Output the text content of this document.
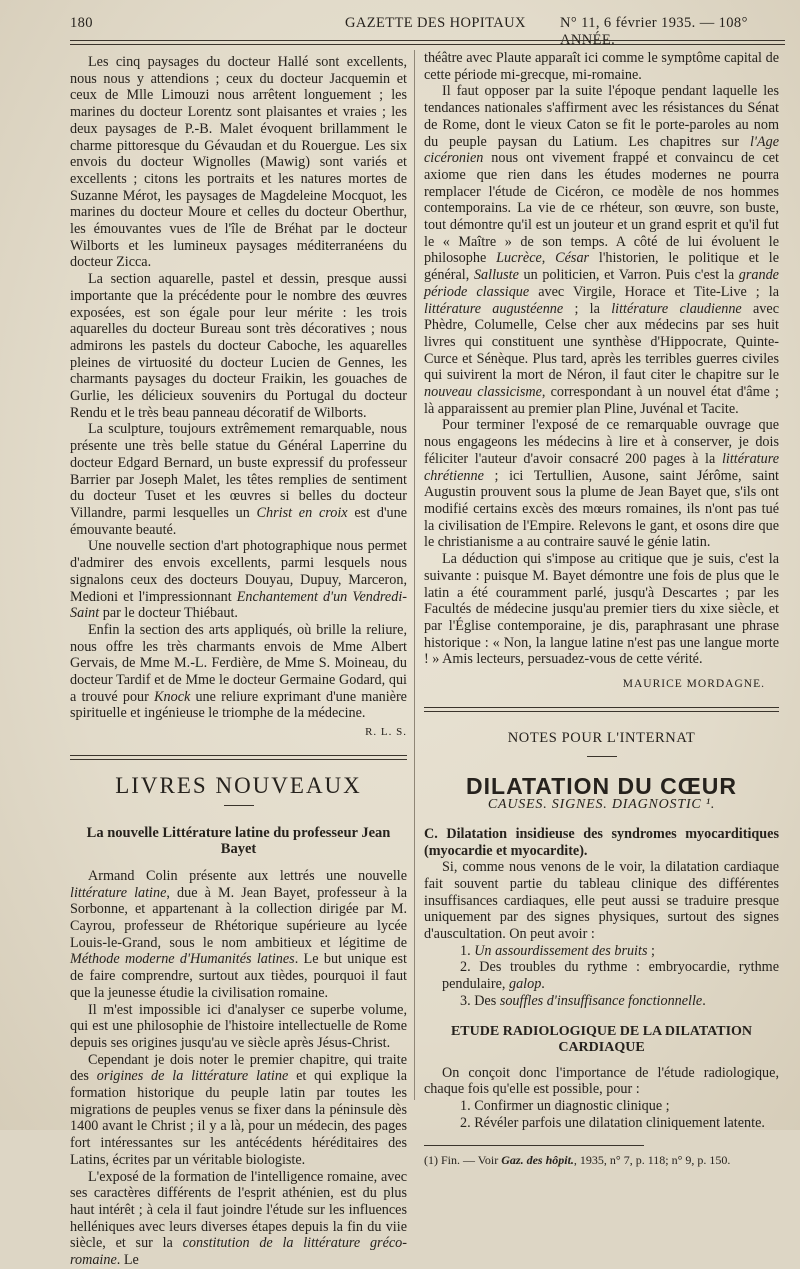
180	GAZETTE DES HOPITAUX N° 11, 6 février 1935. — 108° ANNÉE.

Les cinq paysages du docteur Hallé sont excellents, nous nous y attendions ; ceux du docteur Jacquemin et ceux de Mlle Limouzi nous arrêtent longuement ; les marines du docteur Lorentz sont plaisantes et vraies ; les deux paysages de P.-B. Malet évoquent brillamment le charme pittoresque du Gévaudan et du Rouergue. Les six envois du docteur Wignolles (Mawig) sont variés et excellents ; citons les portraits et les natures mortes de Suzanne Mérot, les paysages de Magdeleine Mocquot, les marines du docteur Moure et celles du docteur Oberthur, les émouvantes vues de l'île de Bréhat par le docteur Wilborts et les lumineux paysages méditerranéens du docteur Zicca.

La section aquarelle, pastel et dessin, presque aussi importante que la précédente pour le nombre des œuvres exposées, est son égale pour leur mérite : les trois aquarelles du docteur Bureau sont très décoratives ; nous admirons les pastels du docteur Caboche, les aquarelles pleines de virtuosité du docteur Lucien de Gennes, les charmants paysages du docteur Fraikin, les gouaches de Gurlie, les délicieux souvenirs du Portugal du docteur Rendu et le très beau panneau décoratif de Wilborts.

La sculpture, toujours extrêmement remarquable, nous présente une très belle statue du Général Laperrine du docteur Edgard Bernard, un buste expressif du professeur Barrier par Joseph Malet, les têtes remplies de sentiment du docteur Tuset et les œuvres si belles du docteur Villandre, parmi lesquelles un Christ en croix est d'une émouvante beauté.

Une nouvelle section d'art photographique nous permet d'admirer des envois excellents, parmi lesquels nous signalons ceux des docteurs Douyau, Dupuy, Marceron, Medioni et l'impressionnant Enchantement d'un Vendredi-Saint par le docteur Thiébaut.

Enfin la section des arts appliqués, où brille la reliure, nous offre les très charmants envois de Mme Albert Gervais, de Mme M.-L. Ferdière, de Mme S. Moineau, du docteur Tardif et de Mme le docteur Germaine Godard, qui a trouvé pour Knock une reliure exprimant d'une manière spirituelle et ingénieuse le triomphe de la médecine.

R. L. S.
LIVRES NOUVEAUX
La nouvelle Littérature latine du professeur Jean Bayet

Armand Colin présente aux lettrés une nouvelle littérature latine, due à M. Jean Bayet, professeur à la Sorbonne, et appartenant à la collection dirigée par M. Cayrou, professeur de Rhétorique supérieure au lycée Louis-le-Grand, sous le nom ambitieux et légitime de Méthode moderne d'Humanités latines. Le but unique est de faire comprendre, surtout aux tièdes, pourquoi il faut que la jeunesse étudie la civilisation romaine.

Il m'est impossible ici d'analyser ce superbe volume, qui est une philosophie de l'histoire intellectuelle de Rome depuis ses origines jusqu'au ve siècle après Jésus-Christ.

Cependant je dois noter le premier chapitre, qui traite des origines de la littérature latine et qui explique la formation historique du peuple latin par toutes les migrations de peuples venus se fixer dans la péninsule dès 1400 avant le Christ ; il y a là, pour un médecin, des pages fort intéressantes sur les antécédents héréditaires des Latins, écrites par un véritable biologiste.

L'exposé de la formation de l'intelligence romaine, avec ses caractères différents de l'esprit athénien, est du plus haut intérêt ; à cela il faut joindre l'étude sur les influences helléniques avec leurs diverses étapes depuis la fin du viie siècle, et sur la constitution de la littérature gréco-romaine. Le

théâtre avec Plaute apparaît ici comme le symptôme capital de cette période mi-grecque, mi-romaine.

Il faut opposer par la suite l'époque pendant laquelle les tendances nationales s'affirment avec les résistances du Sénat de Rome, dont le vieux Caton se fit le porte-paroles au nom du peuple paysan du Latium. Les chapitres sur l'Age cicéronien nous ont vivement frappé et convaincu de cet axiome que rien dans les études modernes ne pourra remplacer l'étude de Cicéron, ce modèle de nos hommes contemporains. La vie de ce rhéteur, son œuvre, son buste, tout démontre qu'il est un jouteur et un grand esprit et qu'il fut le « Maître » de son temps. A côté de lui évoluent le philosophe Lucrèce, César l'historien, le politique et le général, Salluste un politicien, et Varron. Puis c'est la grande période classique avec Virgile, Horace et Tite-Live ; la littérature augustéenne ; la littérature claudienne avec Phèdre, Columelle, Celse cher aux médecins par ses huit livres qui constituent une synthèse d'Hippocrate, Quinte-Curce et Sénèque. Plus tard, après les terribles guerres civiles qui suivirent la mort de Néron, il faut citer le chapitre sur le nouveau classicisme, correspondant à un nouvel état d'âme ; là apparaissent au premier plan Pline, Juvénal et Tacite.

Pour terminer l'exposé de ce remarquable ouvrage que nous engageons les médecins à lire et à conserver, je dois féliciter l'auteur d'avoir consacré 200 pages à la littérature chrétienne ; ici Tertullien, Ausone, saint Jérôme, saint Augustin prouvent sous la plume de Jean Bayet que, s'ils ont modifié certains excès des mœurs romaines, ils n'ont pas tué la civilisation de l'Empire. Relevons le gant, et osons dire que le christianisme a au contraire sauvé le génie latin.

La déduction qui s'impose au critique que je suis, c'est la suivante : puisque M. Bayet démontre une fois de plus que le latin a été couramment parlé, jusqu'à Descartes ; par les Facultés de médecine jusqu'au premier tiers du xixe siècle, et par l'Église contemporaine, je dis, paraphrasant une phrase historique : « Non, la langue latine n'est pas une langue morte ! » Amis lecteurs, persuadez-vous de cette vérité.

MAURICE MORDAGNE.
NOTES POUR L'INTERNAT
DILATATION DU CŒUR
CAUSES. SIGNES. DIAGNOSTIC ¹.

C. Dilatation insidieuse des syndromes myocarditiques (myocardie et myocardite).

Si, comme nous venons de le voir, la dilatation cardiaque fait souvent partie du tableau clinique des différentes insuffisances cardiaques, elle peut aussi se traduire presque uniquement par des signes physiques, surtout des signes d'auscultation. On peut avoir :

1. Un assourdissement des bruits ;

2. Des troubles du rythme : embryocardie, rythme pendulaire, galop.

3. Des souffles d'insuffisance fonctionnelle.

ETUDE RADIOLOGIQUE DE LA DILATATION CARDIAQUE

On conçoit donc l'importance de l'étude radiologique, chaque fois qu'elle est possible, pour :

1. Confirmer un diagnostic clinique ;

2. Révéler parfois une dilatation cliniquement latente.

(1) Fin. — Voir Gaz. des hôpit., 1935, n° 7, p. 118; n° 9, p. 150.
